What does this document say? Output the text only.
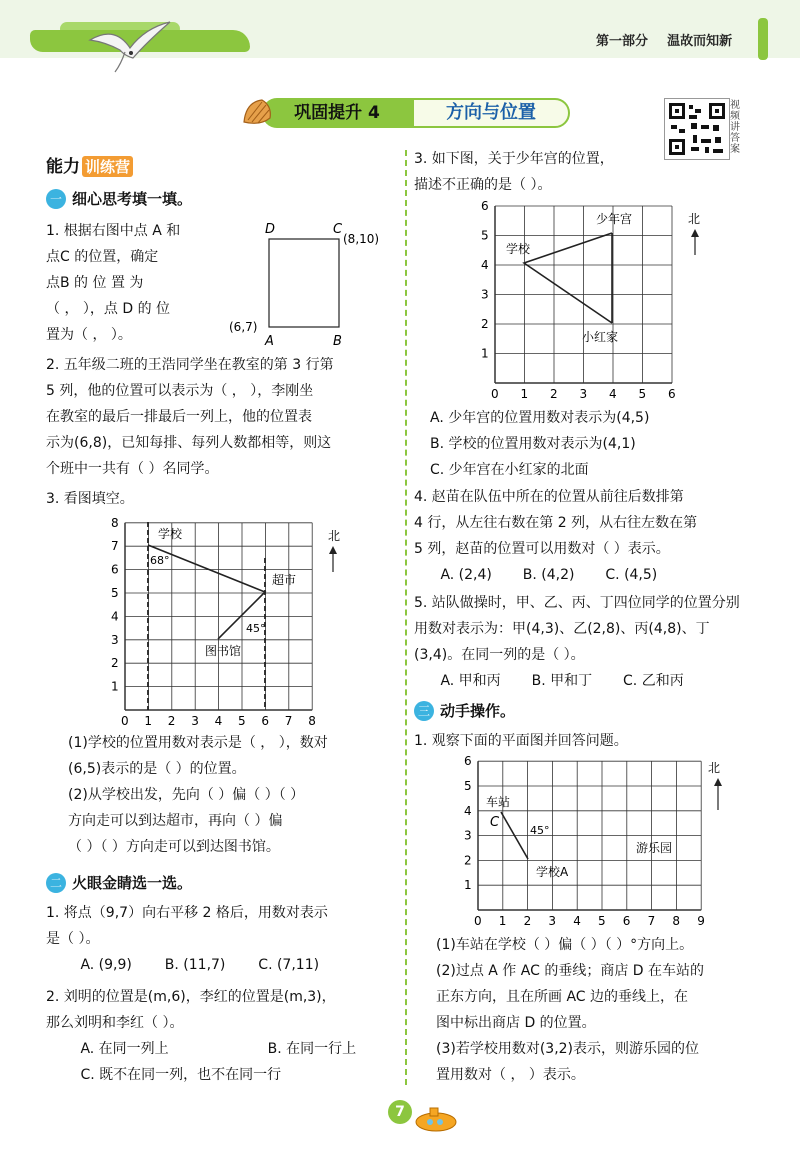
第一部分 温故而知新
巩固提升 4	方向与位置	视
频
讲
答
案
能力 训练营
一 细心思考填一填。
1. 根据右图中点 A 和
点C 的位置，确定
点B 的 位 置 为
（ ， ），点 D 的 位
置为（ ， ）。
D	C
(8,10)
(6,7)
A	B
2. 五年级二班的王浩同学坐在教室的第 3 行第
5 列，他的位置可以表示为（ ， ），李刚坐
在教室的最后一排最后一列上，他的位置表
示为(6,8)，已知每排、每列人数都相等，则这
个班中一共有（ ）名同学。
3. 看图填空。
学校
68°
超市
45°
图书馆
0 1 2 3 4 5 6 7 8
1
2
3
4
5
6
7
8
北
(1)学校的位置用数对表示是（ ， ），数对
(6,5)表示的是（ ）的位置。
(2)从学校出发，先向（ ）偏（ ）（ ）
方向走可以到达超市，再向（ ）偏
（ ）（ ）方向走可以到达图书馆。
二 火眼金睛选一选。
1. 将点（9,7）向右平移 2 格后，用数对表示
是（ ）。
A. (9,9) B. (11,7) C. (7,11)
2. 刘明的位置是(m,6)，李红的位置是(m,3)，
那么刘明和李红（ ）。
A. 在同一列上	B. 在同一行上
C. 既不在同一列，也不在同一行
3. 如下图，关于少年宫的位置，
描述不正确的是（ ）。
少年宫
学校
小红家
0 1 2 3 4 5 6
1
2
3
4
5
6
北
A. 少年宫的位置用数对表示为(4,5)
B. 学校的位置用数对表示为(4,1)
C. 少年宫在小红家的北面
4. 赵苗在队伍中所在的位置从前往后数排第
4 行，从左往右数在第 2 列，从右往左数在第
5 列，赵苗的位置可以用数对（ ）表示。
A. (2,4) B. (4,2) C. (4,5)
5. 站队做操时，甲、乙、丙、丁四位同学的位置分别
用数对表示为：甲(4,3)、乙(2,8)、丙(4,8)、丁
(3,4)。在同一列的是（ ）。
A. 甲和丙 B. 甲和丁 C. 乙和丙
三 动手操作。
1. 观察下面的平面图并回答问题。
车站
C
45°
学校A
游乐园
0 1 2 3 4 5 6 7 8 9
1
2
3
4
5
6	北
(1)车站在学校（ ）偏（ ）（ ）°方向上。
(2)过点 A 作 AC 的垂线；商店 D 在车站的
正东方向，且在所画 AC 边的垂线上，在
图中标出商店 D 的位置。
(3)若学校用数对(3,2)表示，则游乐园的位
置用数对（ ， ）表示。
7
